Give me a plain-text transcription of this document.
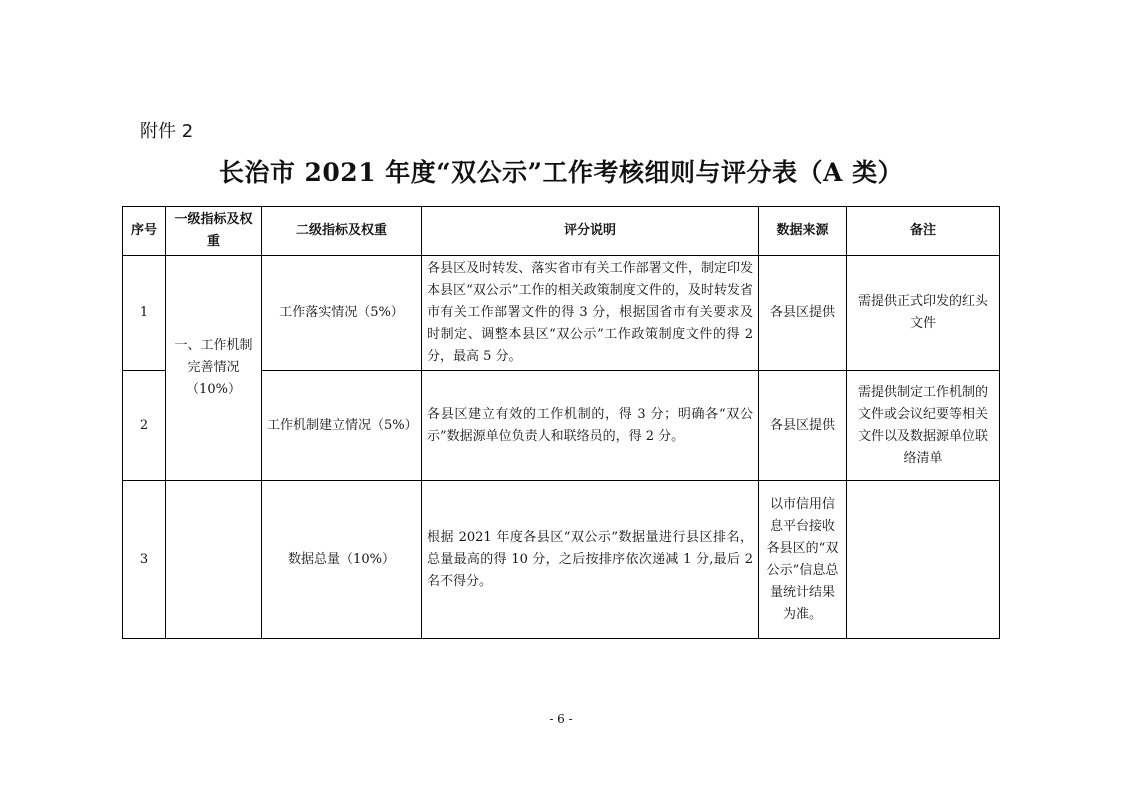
附件 2
长治市 2021 年度“双公示”工作考核细则与评分表（A 类）
序号	一级指标及权重	二级指标及权重	评分说明	数据来源	备注
1	一、工作机制完善情况（10%）	工作落实情况（5%）	各县区及时转发、落实省市有关工作部署文件，制定印发本县区“双公示”工作的相关政策制度文件的，及时转发省市有关工作部署文件的得 3 分，根据国省市有关要求及时制定、调整本县区“双公示”工作政策制度文件的得 2 分，最高 5 分。	各县区提供	需提供正式印发的红头文件
2		工作机制建立情况（5%）	各县区建立有效的工作机制的，得 3 分；明确各“双公示”数据源单位负责人和联络员的，得 2 分。	各县区提供	需提供制定工作机制的文件或会议纪要等相关文件以及数据源单位联络清单
3		数据总量（10%）	根据 2021 年度各县区“双公示”数据量进行县区排名，总量最高的得 10 分，之后按排序依次递减 1 分,最后 2 名不得分。	以市信用信息平台接收各县区的“双公示”信息总量统计结果为准。	
- 6 -
